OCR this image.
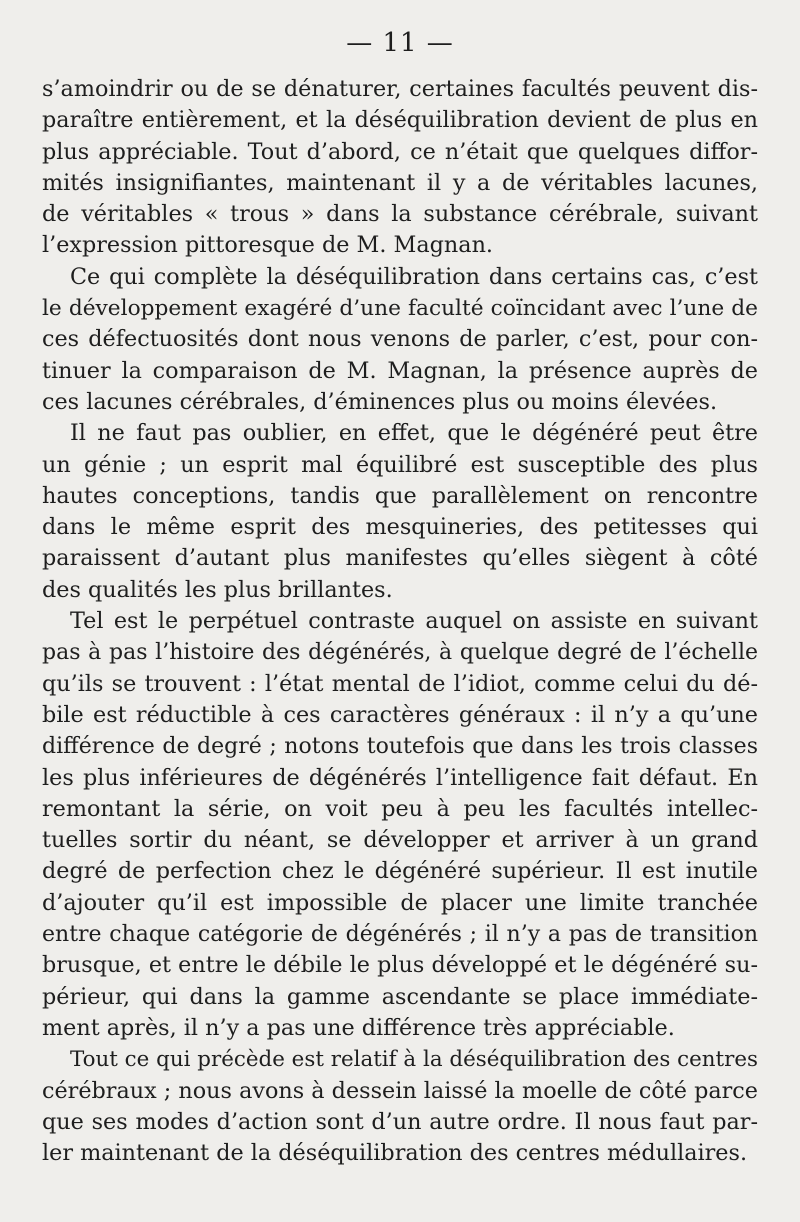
— 11 —
s’amoindrir ou de se dénaturer, certaines facultés peuvent dis-
paraître entièrement, et la déséquilibration devient de plus en
plus appréciable. Tout d’abord, ce n’était que quelques diffor-
mités insignifiantes, maintenant il y a de véritables lacunes,
de véritables « trous » dans la substance cérébrale, suivant
l’expression pittoresque de M. Magnan.
Ce qui complète la déséquilibration dans certains cas, c’est
le développement exagéré d’une faculté coïncidant avec l’une de
ces défectuosités dont nous venons de parler, c’est, pour con-
tinuer la comparaison de M. Magnan, la présence auprès de
ces lacunes cérébrales, d’éminences plus ou moins élevées.
Il ne faut pas oublier, en effet, que le dégénéré peut être
un génie ; un esprit mal équilibré est susceptible des plus
hautes conceptions, tandis que parallèlement on rencontre
dans le même esprit des mesquineries, des petitesses qui
paraissent d’autant plus manifestes qu’elles siègent à côté
des qualités les plus brillantes.
Tel est le perpétuel contraste auquel on assiste en suivant
pas à pas l’histoire des dégénérés, à quelque degré de l’échelle
qu’ils se trouvent : l’état mental de l’idiot, comme celui du dé-
bile est réductible à ces caractères généraux : il n’y a qu’une
différence de degré ; notons toutefois que dans les trois classes
les plus inférieures de dégénérés l’intelligence fait défaut. En
remontant la série, on voit peu à peu les facultés intellec-
tuelles sortir du néant, se développer et arriver à un grand
degré de perfection chez le dégénéré supérieur. Il est inutile
d’ajouter qu’il est impossible de placer une limite tranchée
entre chaque catégorie de dégénérés ; il n’y a pas de transition
brusque, et entre le débile le plus développé et le dégénéré su-
périeur, qui dans la gamme ascendante se place immédiate-
ment après, il n’y a pas une différence très appréciable.
Tout ce qui précède est relatif à la déséquilibration des centres
cérébraux ; nous avons à dessein laissé la moelle de côté parce
que ses modes d’action sont d’un autre ordre. Il nous faut par-
ler maintenant de la déséquilibration des centres médullaires.
